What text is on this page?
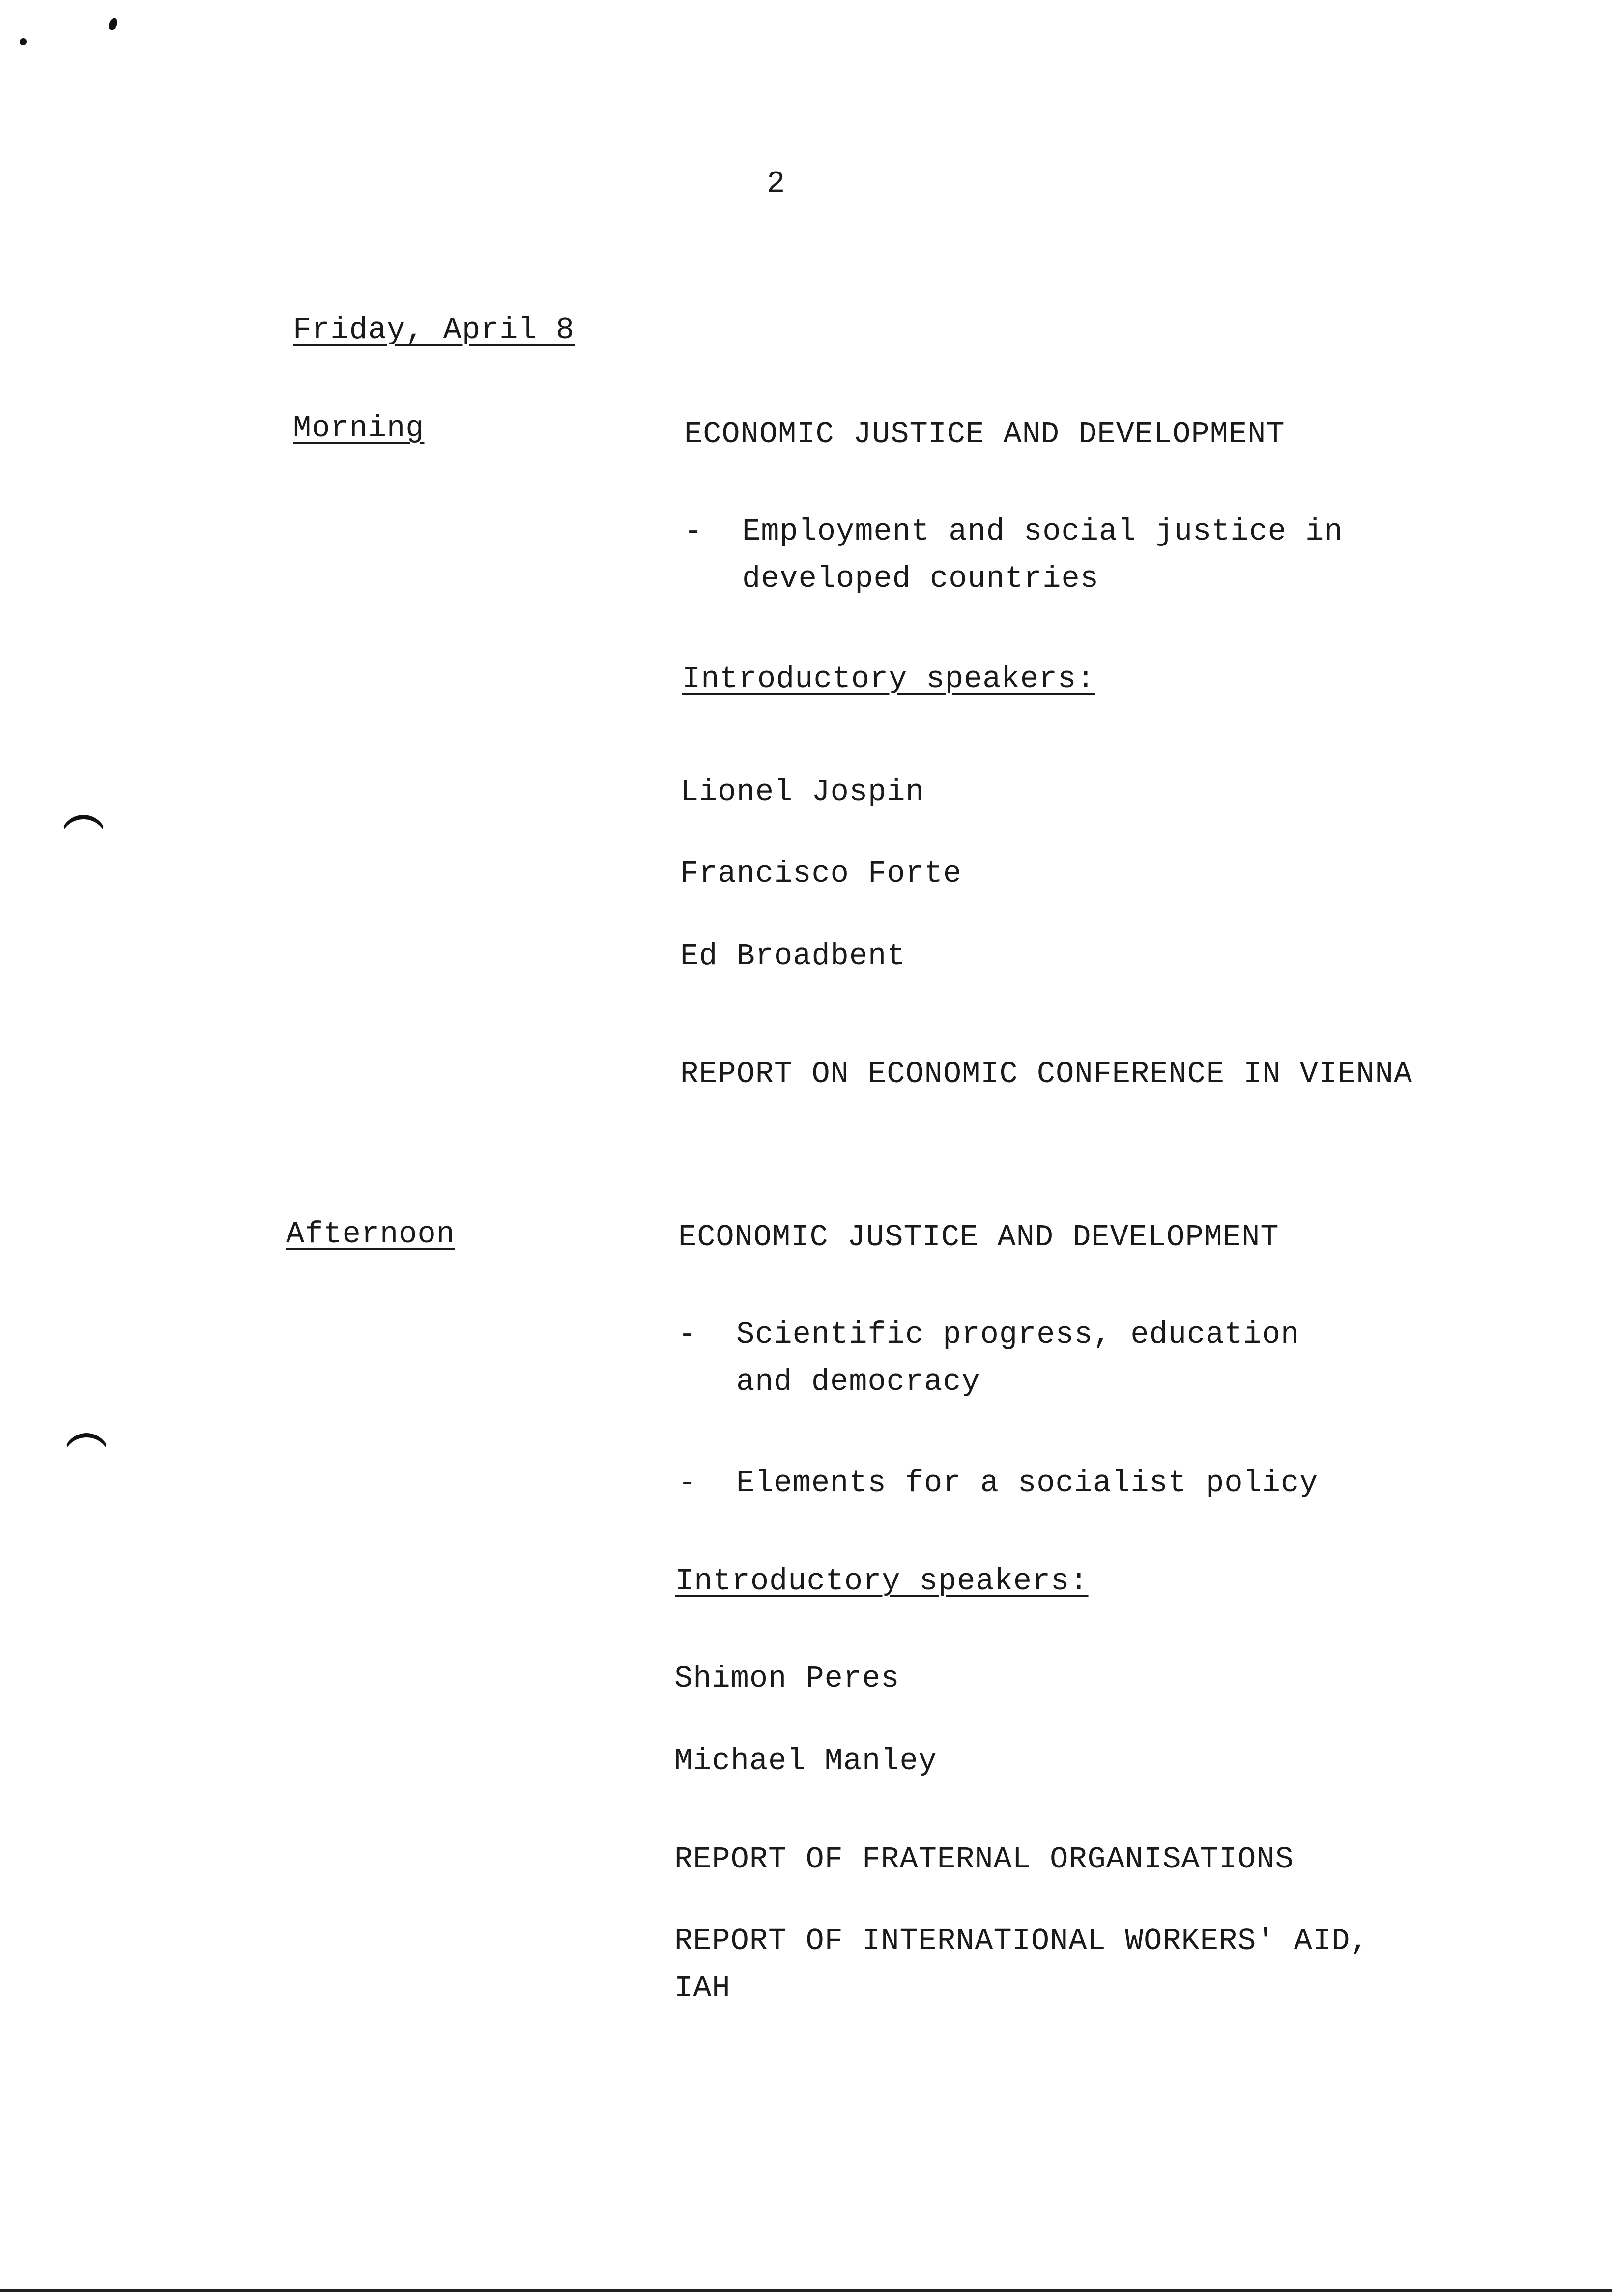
2
Friday, April 8
Morning	ECONOMIC JUSTICE AND DEVELOPMENT
- Employment and social justice in
developed countries
Introductory speakers:
Lionel Jospin
Francisco Forte
Ed Broadbent
REPORT ON ECONOMIC CONFERENCE IN VIENNA
Afternoon	ECONOMIC JUSTICE AND DEVELOPMENT
- Scientific progress, education
and democracy
- Elements for a socialist policy
Introductory speakers:
Shimon Peres
Michael Manley
REPORT OF FRATERNAL ORGANISATIONS
REPORT OF INTERNATIONAL WORKERS' AID,
IAH
